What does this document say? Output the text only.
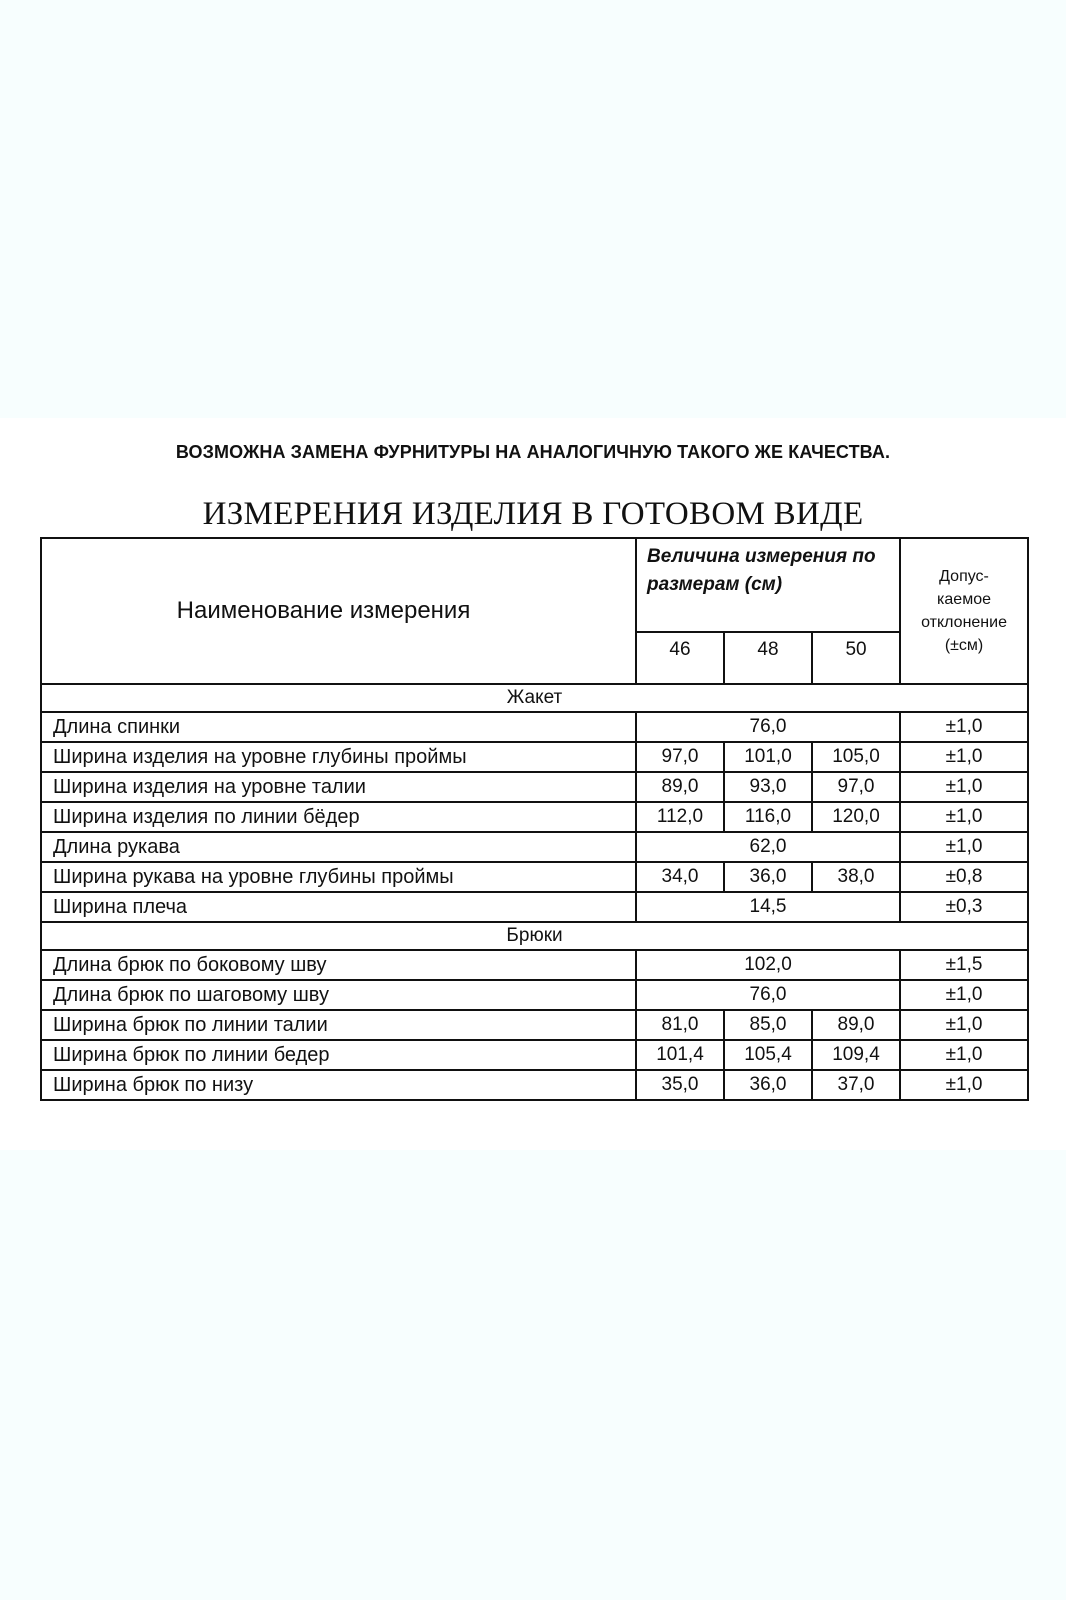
ВОЗМОЖНА ЗАМЕНА ФУРНИТУРЫ НА АНАЛОГИЧНУЮ ТАКОГО ЖЕ КАЧЕСТВА.
ИЗМЕРЕНИЯ ИЗДЕЛИЯ В ГОТОВОМ ВИДЕ
Наименование измерения	Величина измерения по размерам (см)			Допус-
каемое
отклонение
(±см)

	46	48	50	
Жакет				
Длина спинки	76,0			±1,0
Ширина изделия на уровне глубины проймы	97,0	101,0	105,0	±1,0
Ширина изделия на уровне талии	89,0	93,0	97,0	±1,0
Ширина изделия по линии бёдер	112,0	116,0	120,0	±1,0
Длина рукава	62,0			±1,0
Ширина рукава на уровне глубины проймы	34,0	36,0	38,0	±0,8
Ширина плеча	14,5			±0,3
Брюки				
Длина брюк по боковому шву	102,0			±1,5
Длина брюк по шаговому шву	76,0			±1,0
Ширина брюк по линии талии	81,0	85,0	89,0	±1,0
Ширина брюк по линии бедер	101,4	105,4	109,4	±1,0
Ширина брюк по низу	35,0	36,0	37,0	±1,0
